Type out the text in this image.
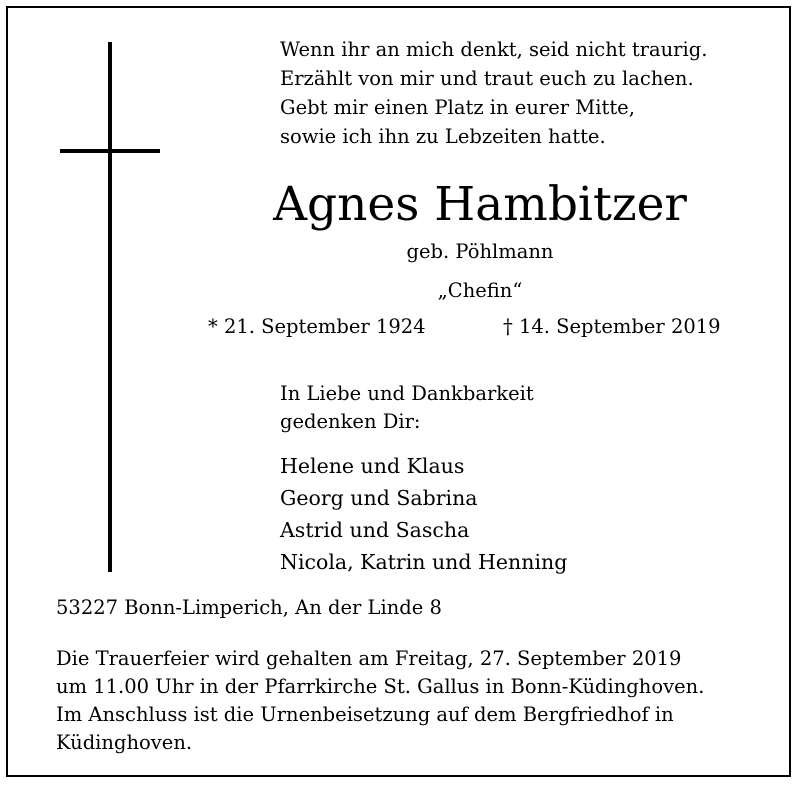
Wenn ihr an mich denkt, seid nicht traurig.
Erzählt von mir und traut euch zu lachen.
Gebt mir einen Platz in eurer Mitte,
sowie ich ihn zu Lebzeiten hatte.
Agnes Hambitzer
geb. Pöhlmann
„Chefin“
* 21. September 1924	† 14. September 2019
In Liebe und Dankbarkeit
gedenken Dir:
Helene und Klaus
Georg und Sabrina
Astrid und Sascha
Nicola, Katrin und Henning
53227 Bonn-Limperich, An der Linde 8
Die Trauerfeier wird gehalten am Freitag, 27. September 2019
um 11.00 Uhr in der Pfarrkirche St. Gallus in Bonn-Küdinghoven.
Im Anschluss ist die Urnenbeisetzung auf dem Bergfriedhof in
Küdinghoven.
